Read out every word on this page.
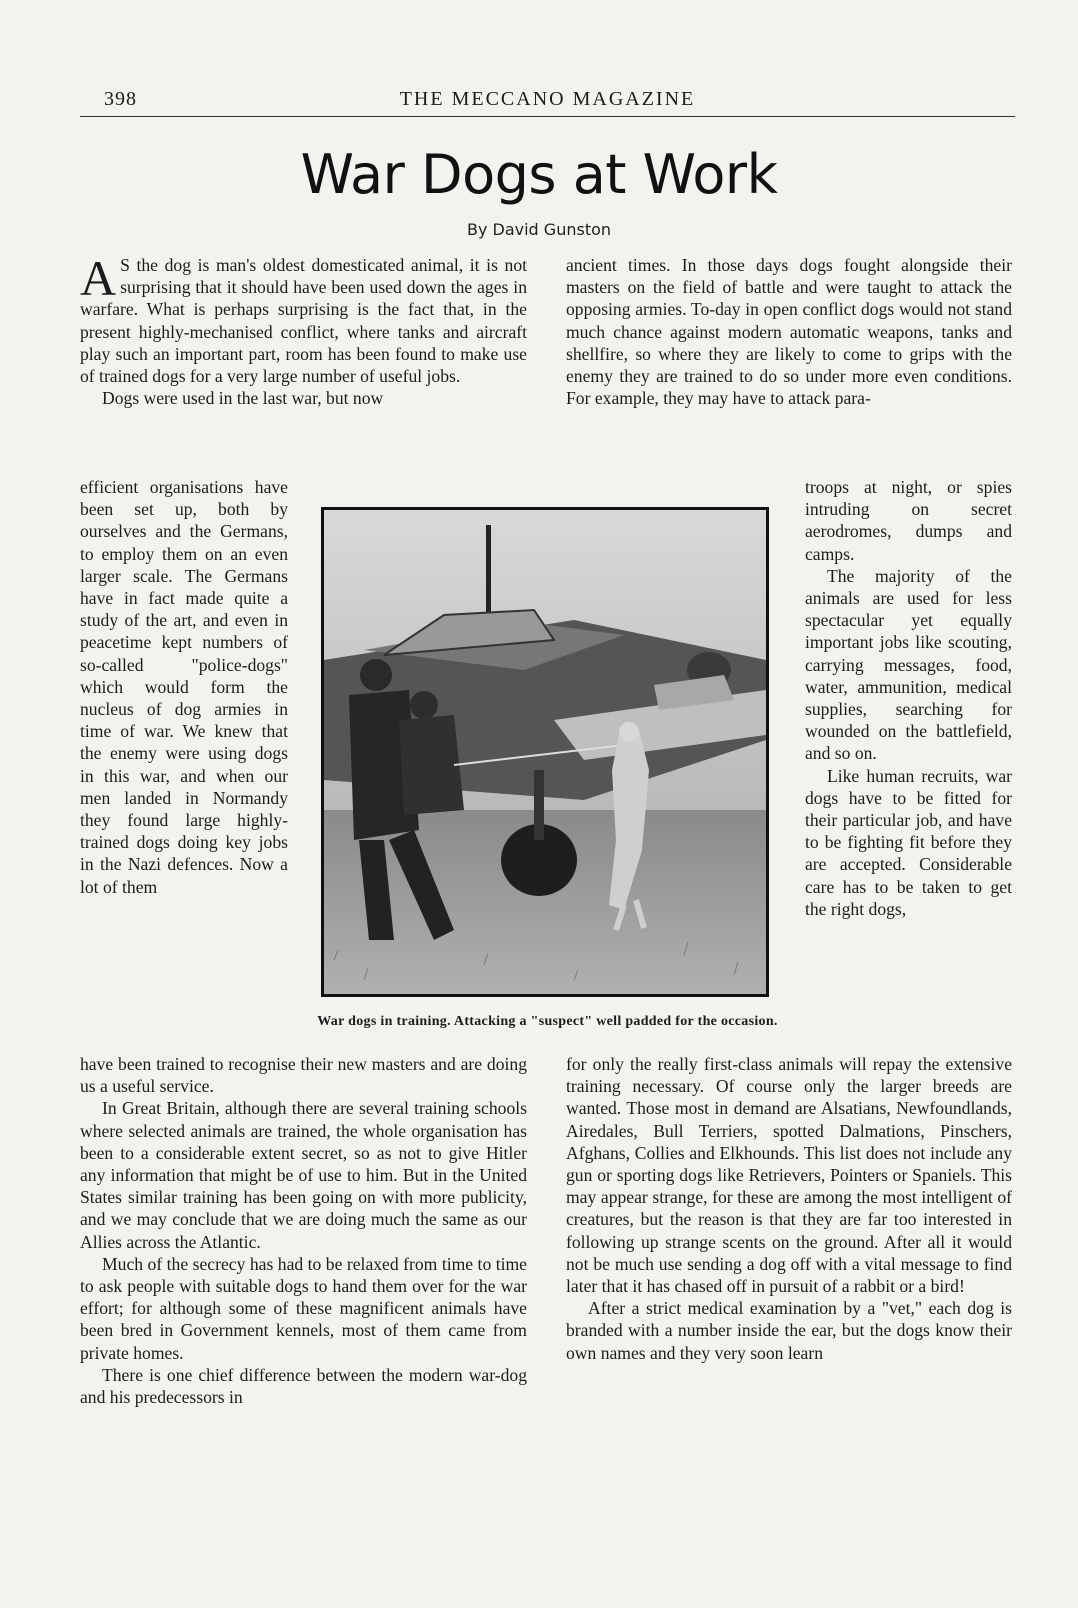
398	THE MECCANO MAGAZINE
War Dogs at Work
By David Gunston

A S the dog is man's oldest domesticated animal, it is not surprising that it should have been used down the ages in warfare. What is perhaps surprising is the fact that, in the present highly-mechanised conflict, where tanks and aircraft play such an important part, room has been found to make use of trained dogs for a very large number of useful jobs.

Dogs were used in the last war, but now

efficient organisations have been set up, both by ourselves and the Germans, to employ them on an even larger scale. The Germans have in fact made quite a study of the art, and even in peacetime kept numbers of so-called "police-dogs" which would form the nucleus of dog armies in time of war. We knew that the enemy were using dogs in this war, and when our men landed in Normandy they found large highly-trained dogs doing key jobs in the Nazi defences. Now a lot of them

have been trained to recognise their new masters and are doing us a useful service.

In Great Britain, although there are several training schools where selected animals are trained, the whole organisation has been to a considerable extent secret, so as not to give Hitler any information that might be of use to him. But in the United States similar training has been going on with more publicity, and we may conclude that we are doing much the same as our Allies across the Atlantic.

Much of the secrecy has had to be relaxed from time to time to ask people with suitable dogs to hand them over for the war effort; for although some of these magnificent animals have been bred in Government kennels, most of them came from private homes.

There is one chief difference between the modern war-dog and his predecessors in

ancient times. In those days dogs fought alongside their masters on the field of battle and were taught to attack the opposing armies. To-day in open conflict dogs would not stand much chance against modern automatic weapons, tanks and shellfire, so where they are likely to come to grips with the enemy they are trained to do so under more even conditions. For example, they may have to attack para-

troops at night, or spies intruding on secret aerodromes, dumps and camps.

The majority of the animals are used for less spectacular yet equally important jobs like scouting, carrying messages, food, water, ammunition, medical supplies, searching for wounded on the battlefield, and so on.

Like human recruits, war dogs have to be fitted for their particular job, and have to be fighting fit before they are accepted. Considerable care has to be taken to get the right dogs,

for only the really first-class animals will repay the extensive training necessary. Of course only the larger breeds are wanted. Those most in demand are Alsatians, Newfoundlands, Airedales, Bull Terriers, spotted Dalmations, Pinschers, Afghans, Collies and Elkhounds. This list does not include any gun or sporting dogs like Retrievers, Pointers or Spaniels. This may appear strange, for these are among the most intelligent of creatures, but the reason is that they are far too interested in following up strange scents on the ground. After all it would not be much use sending a dog off with a vital message to find later that it has chased off in pursuit of a rabbit or a bird!

After a strict medical examination by a "vet," each dog is branded with a number inside the ear, but the dogs know their own names and they very soon learn

War dogs in training. Attacking a "suspect" well padded for the occasion.
